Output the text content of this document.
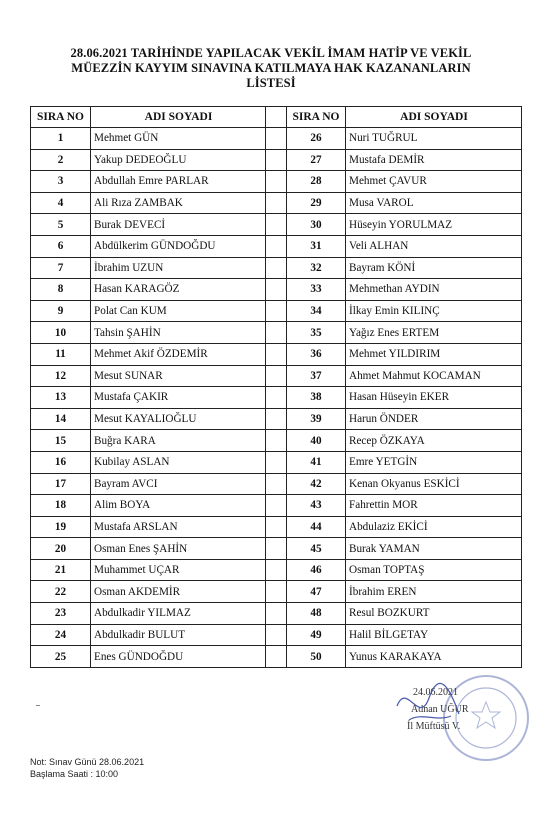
28.06.2021 TARİHİNDE YAPILACAK VEKİL İMAM HATİP VE VEKİL
MÜEZZİN KAYYIM SINAVINA KATILMAYA HAK KAZANANLARIN
LİSTESİ
SIRA NO	ADI SOYADI		SIRA NO	ADI SOYADI
1	Mehmet GÜN		26	Nuri TUĞRUL
2	Yakup DEDEOĞLU		27	Mustafa DEMİR
3	Abdullah Emre PARLAR		28	Mehmet ÇAVUR
4	Ali Rıza ZAMBAK		29	Musa VAROL
5	Burak DEVECİ		30	Hüseyin YORULMAZ
6	Abdülkerim GÜNDOĞDU		31	Veli ALHAN
7	İbrahim UZUN		32	Bayram KÖNİ
8	Hasan KARAGÖZ		33	Mehmethan AYDIN
9	Polat Can KUM		34	İlkay Emin KILINÇ
10	Tahsin ŞAHİN		35	Yağız Enes ERTEM
11	Mehmet Akif ÖZDEMİR		36	Mehmet YILDIRIM
12	Mesut SUNAR		37	Ahmet Mahmut KOCAMAN
13	Mustafa ÇAKIR		38	Hasan Hüseyin EKER
14	Mesut KAYALIOĞLU		39	Harun ÖNDER
15	Buğra KARA		40	Recep ÖZKAYA
16	Kubilay ASLAN		41	Emre YETGİN
17	Bayram AVCI		42	Kenan Okyanus ESKİCİ
18	Alim BOYA		43	Fahrettin MOR
19	Mustafa ARSLAN		44	Abdulaziz EKİCİ
20	Osman Enes ŞAHİN		45	Burak YAMAN
21	Muhammet UÇAR		46	Osman TOPTAŞ
22	Osman AKDEMİR		47	İbrahim EREN
23	Abdulkadir YILMAZ		48	Resul BOZKURT
24	Abdulkadir BULUT		49	Halil BİLGETAY
25	Enes GÜNDOĞDU		50	Yunus KARAKAYA
24.06.2021
Adnan UĞUR
İl Müftüsü V.
Not: Sınav Günü 28.06.2021
Başlama Saati : 10:00
